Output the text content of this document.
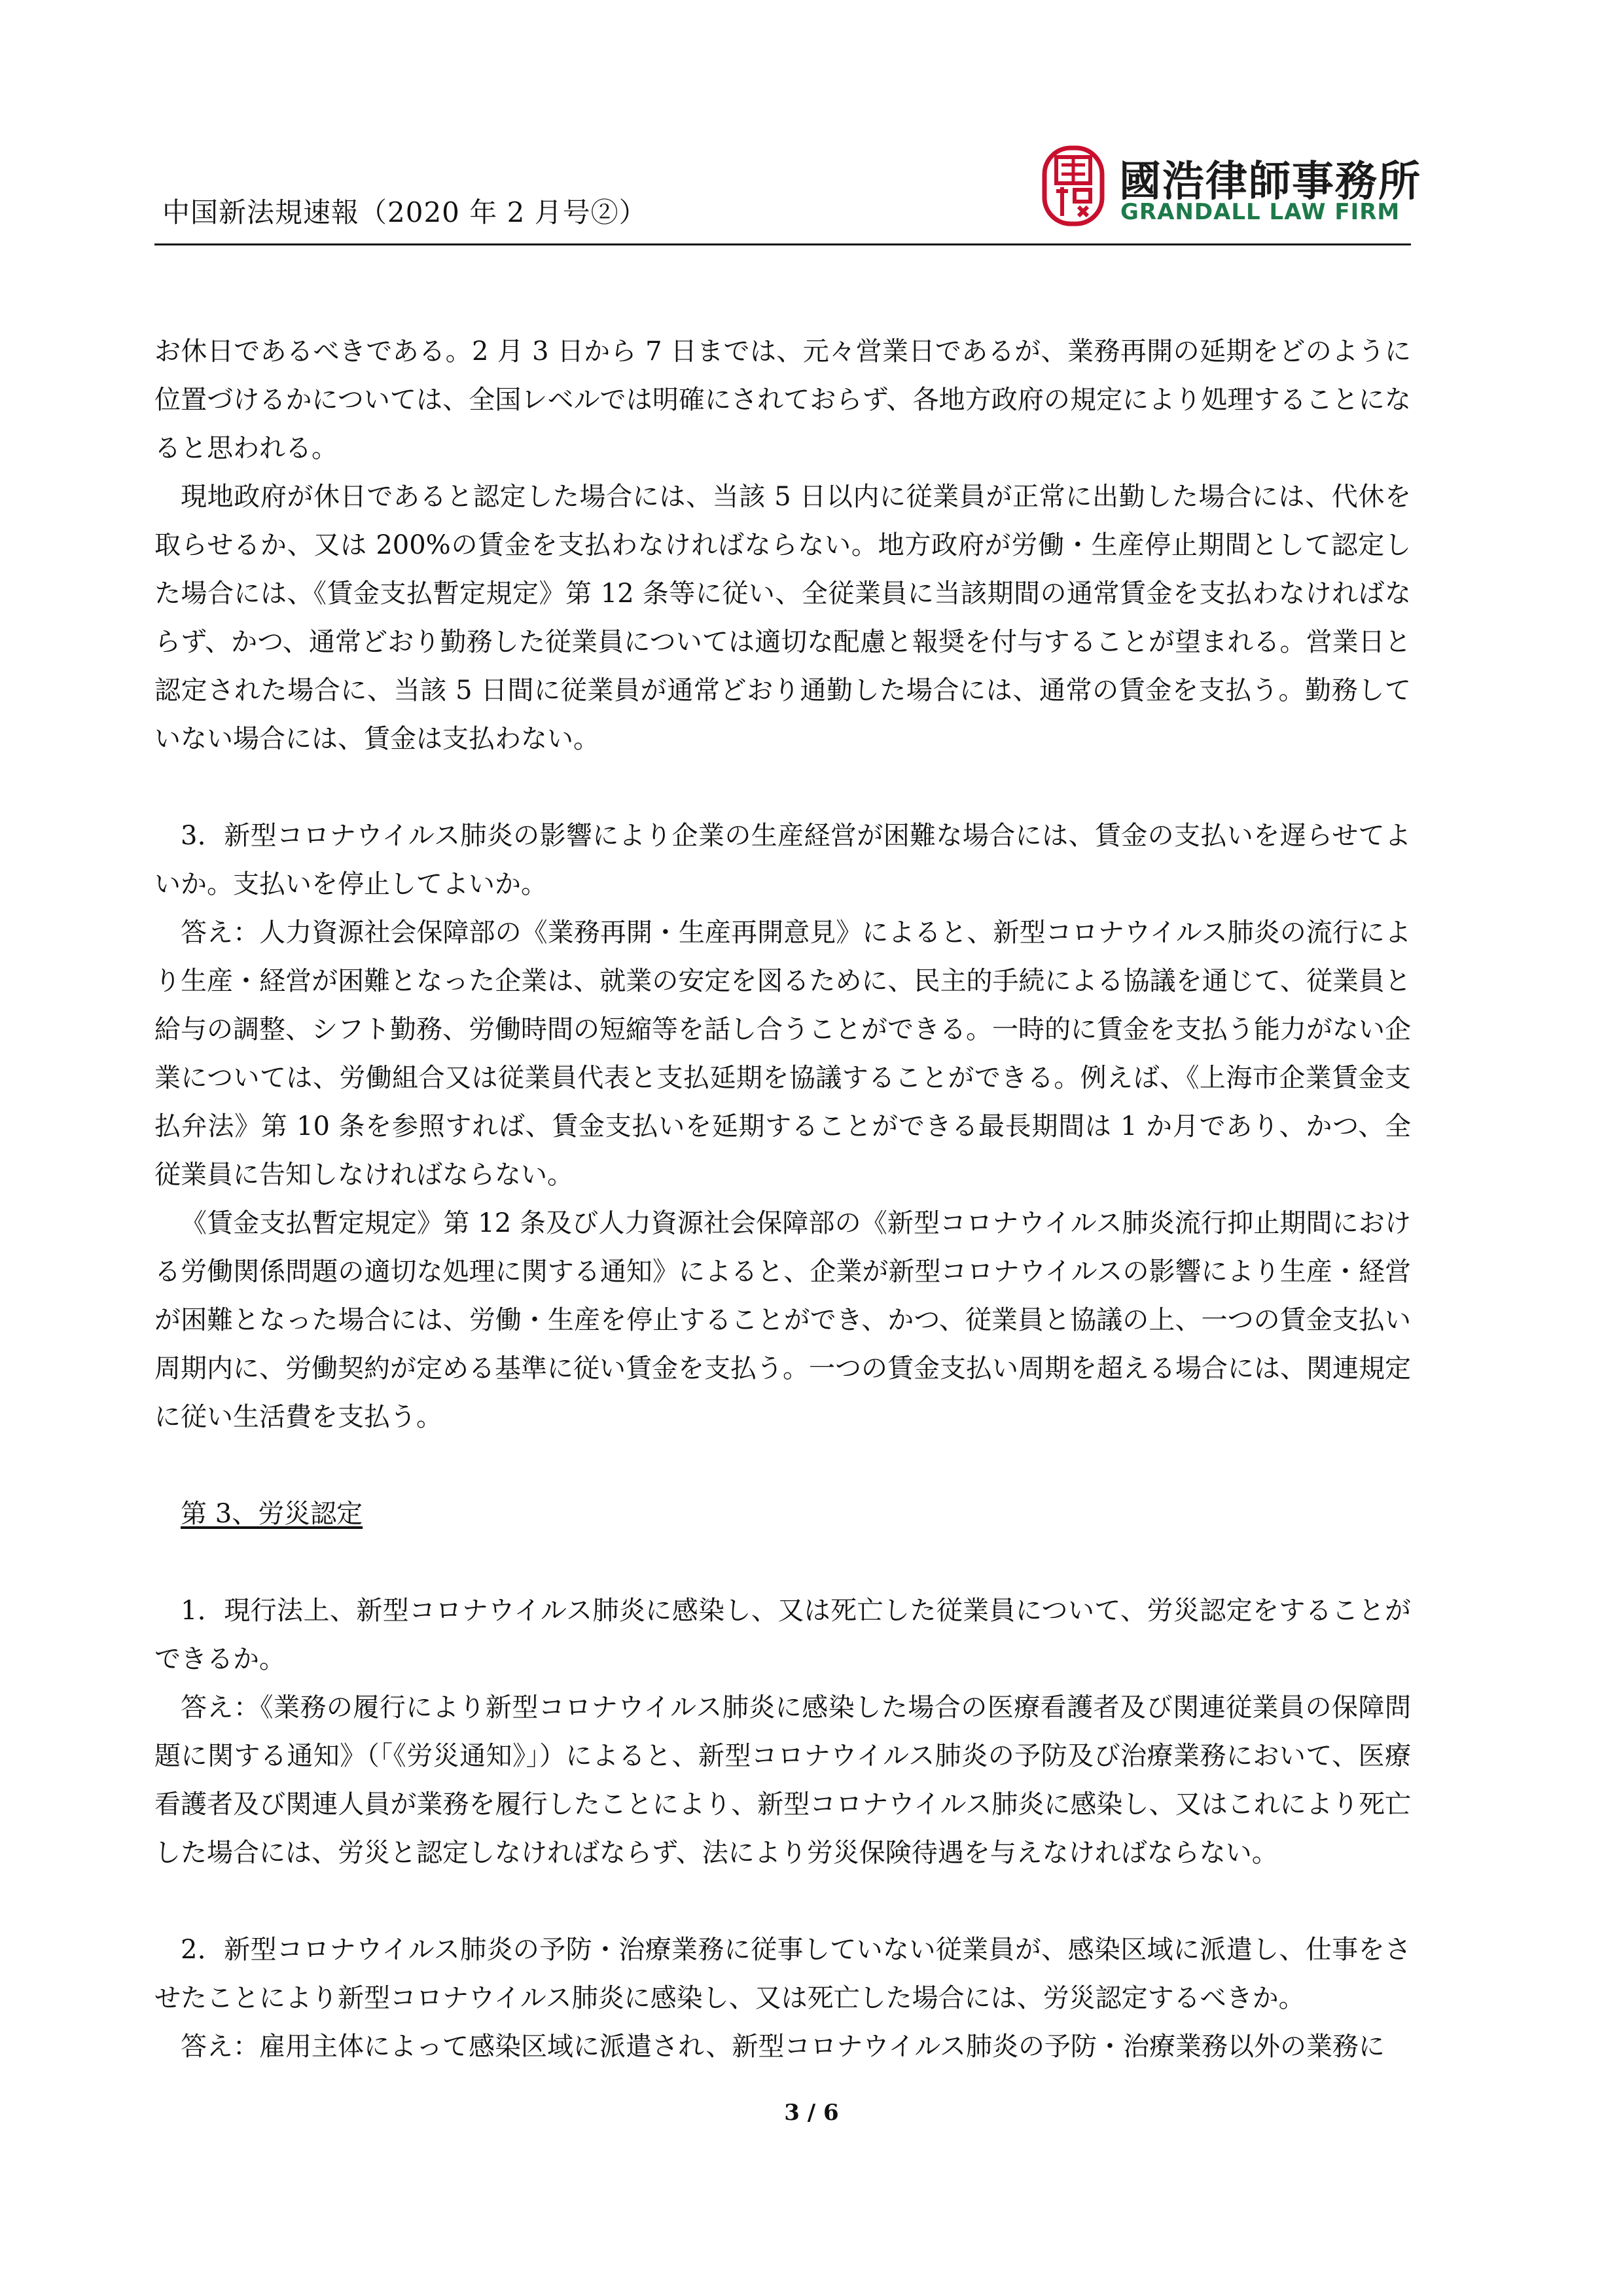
中国新法規速報（2020 年 2 月号②）
國浩律師事務所
GRANDALL LAW FIRM

お休日であるべきである。2 月 3 日から 7 日までは、元々営業日であるが、業務再開の延期をどのように位置づけるかについては、全国レベルでは明確にされておらず、各地方政府の規定により処理することになると思われる。

現地政府が休日であると認定した場合には、当該 5 日以内に従業員が正常に出勤した場合には、代休を取らせるか、又は 200%の賃金を支払わなければならない。地方政府が労働・生産停止期間として認定した場合には、《賃金支払暫定規定》第 12 条等に従い、全従業員に当該期間の通常賃金を支払わなければならず、かつ、通常どおり勤務した従業員については適切な配慮と報奨を付与することが望まれる。営業日と認定された場合に、当該 5 日間に従業員が通常どおり通勤した場合には、通常の賃金を支払う。勤務していない場合には、賃金は支払わない。

3．新型コロナウイルス肺炎の影響により企業の生産経営が困難な場合には、賃金の支払いを遅らせてよいか。支払いを停止してよいか。

答え：人力資源社会保障部の《業務再開・生産再開意見》によると、新型コロナウイルス肺炎の流行により生産・経営が困難となった企業は、就業の安定を図るために、民主的手続による協議を通じて、従業員と給与の調整、シフト勤務、労働時間の短縮等を話し合うことができる。一時的に賃金を支払う能力がない企業については、労働組合又は従業員代表と支払延期を協議することができる。例えば、《上海市企業賃金支払弁法》第 10 条を参照すれば、賃金支払いを延期することができる最長期間は 1 か月であり、かつ、全従業員に告知しなければならない。

《賃金支払暫定規定》第 12 条及び人力資源社会保障部の《新型コロナウイルス肺炎流行抑止期間における労働関係問題の適切な処理に関する通知》によると、企業が新型コロナウイルスの影響により生産・経営が困難となった場合には、労働・生産を停止することができ、かつ、従業員と協議の上、一つの賃金支払い周期内に、労働契約が定める基準に従い賃金を支払う。一つの賃金支払い周期を超える場合には、関連規定に従い生活費を支払う。

第 3、労災認定

1．現行法上、新型コロナウイルス肺炎に感染し、又は死亡した従業員について、労災認定をすることができるか。

答え：《業務の履行により新型コロナウイルス肺炎に感染した場合の医療看護者及び関連従業員の保障問題に関する通知》（「《労災通知》」）によると、新型コロナウイルス肺炎の予防及び治療業務において、医療看護者及び関連人員が業務を履行したことにより、新型コロナウイルス肺炎に感染し、又はこれにより死亡した場合には、労災と認定しなければならず、法により労災保険待遇を与えなければならない。

2．新型コロナウイルス肺炎の予防・治療業務に従事していない従業員が、感染区域に派遣し、仕事をさせたことにより新型コロナウイルス肺炎に感染し、又は死亡した場合には、労災認定するべきか。

答え：雇用主体によって感染区域に派遣され、新型コロナウイルス肺炎の予防・治療業務以外の業務に

3 / 6
